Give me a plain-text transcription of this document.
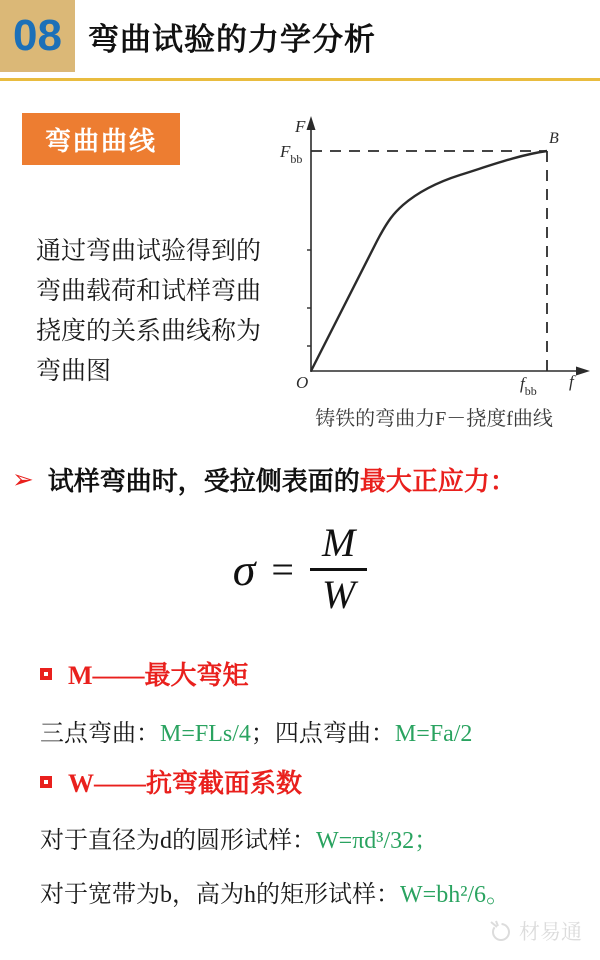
08 弯曲试验的力学分析
弯曲曲线
通过弯曲试验得到的弯曲载荷和试样弯曲挠度的关系曲线称为弯曲图
F
$F_{bb}$
B
O	$f_{bb}$ f
铸铁的弯曲力F－挠度f曲线
➢ 试样弯曲时，受拉侧表面的 最大正应力 ：
$\sigma = \frac{M}{W}$
M——最大弯矩
三点弯曲：M=FLs/4；四点弯曲：M=Fa/2
W——抗弯截面系数
对于直径为d的圆形试样：W=πd³/32；
对于宽带为b，高为h的矩形试样：W=bh²/6。
材易通
